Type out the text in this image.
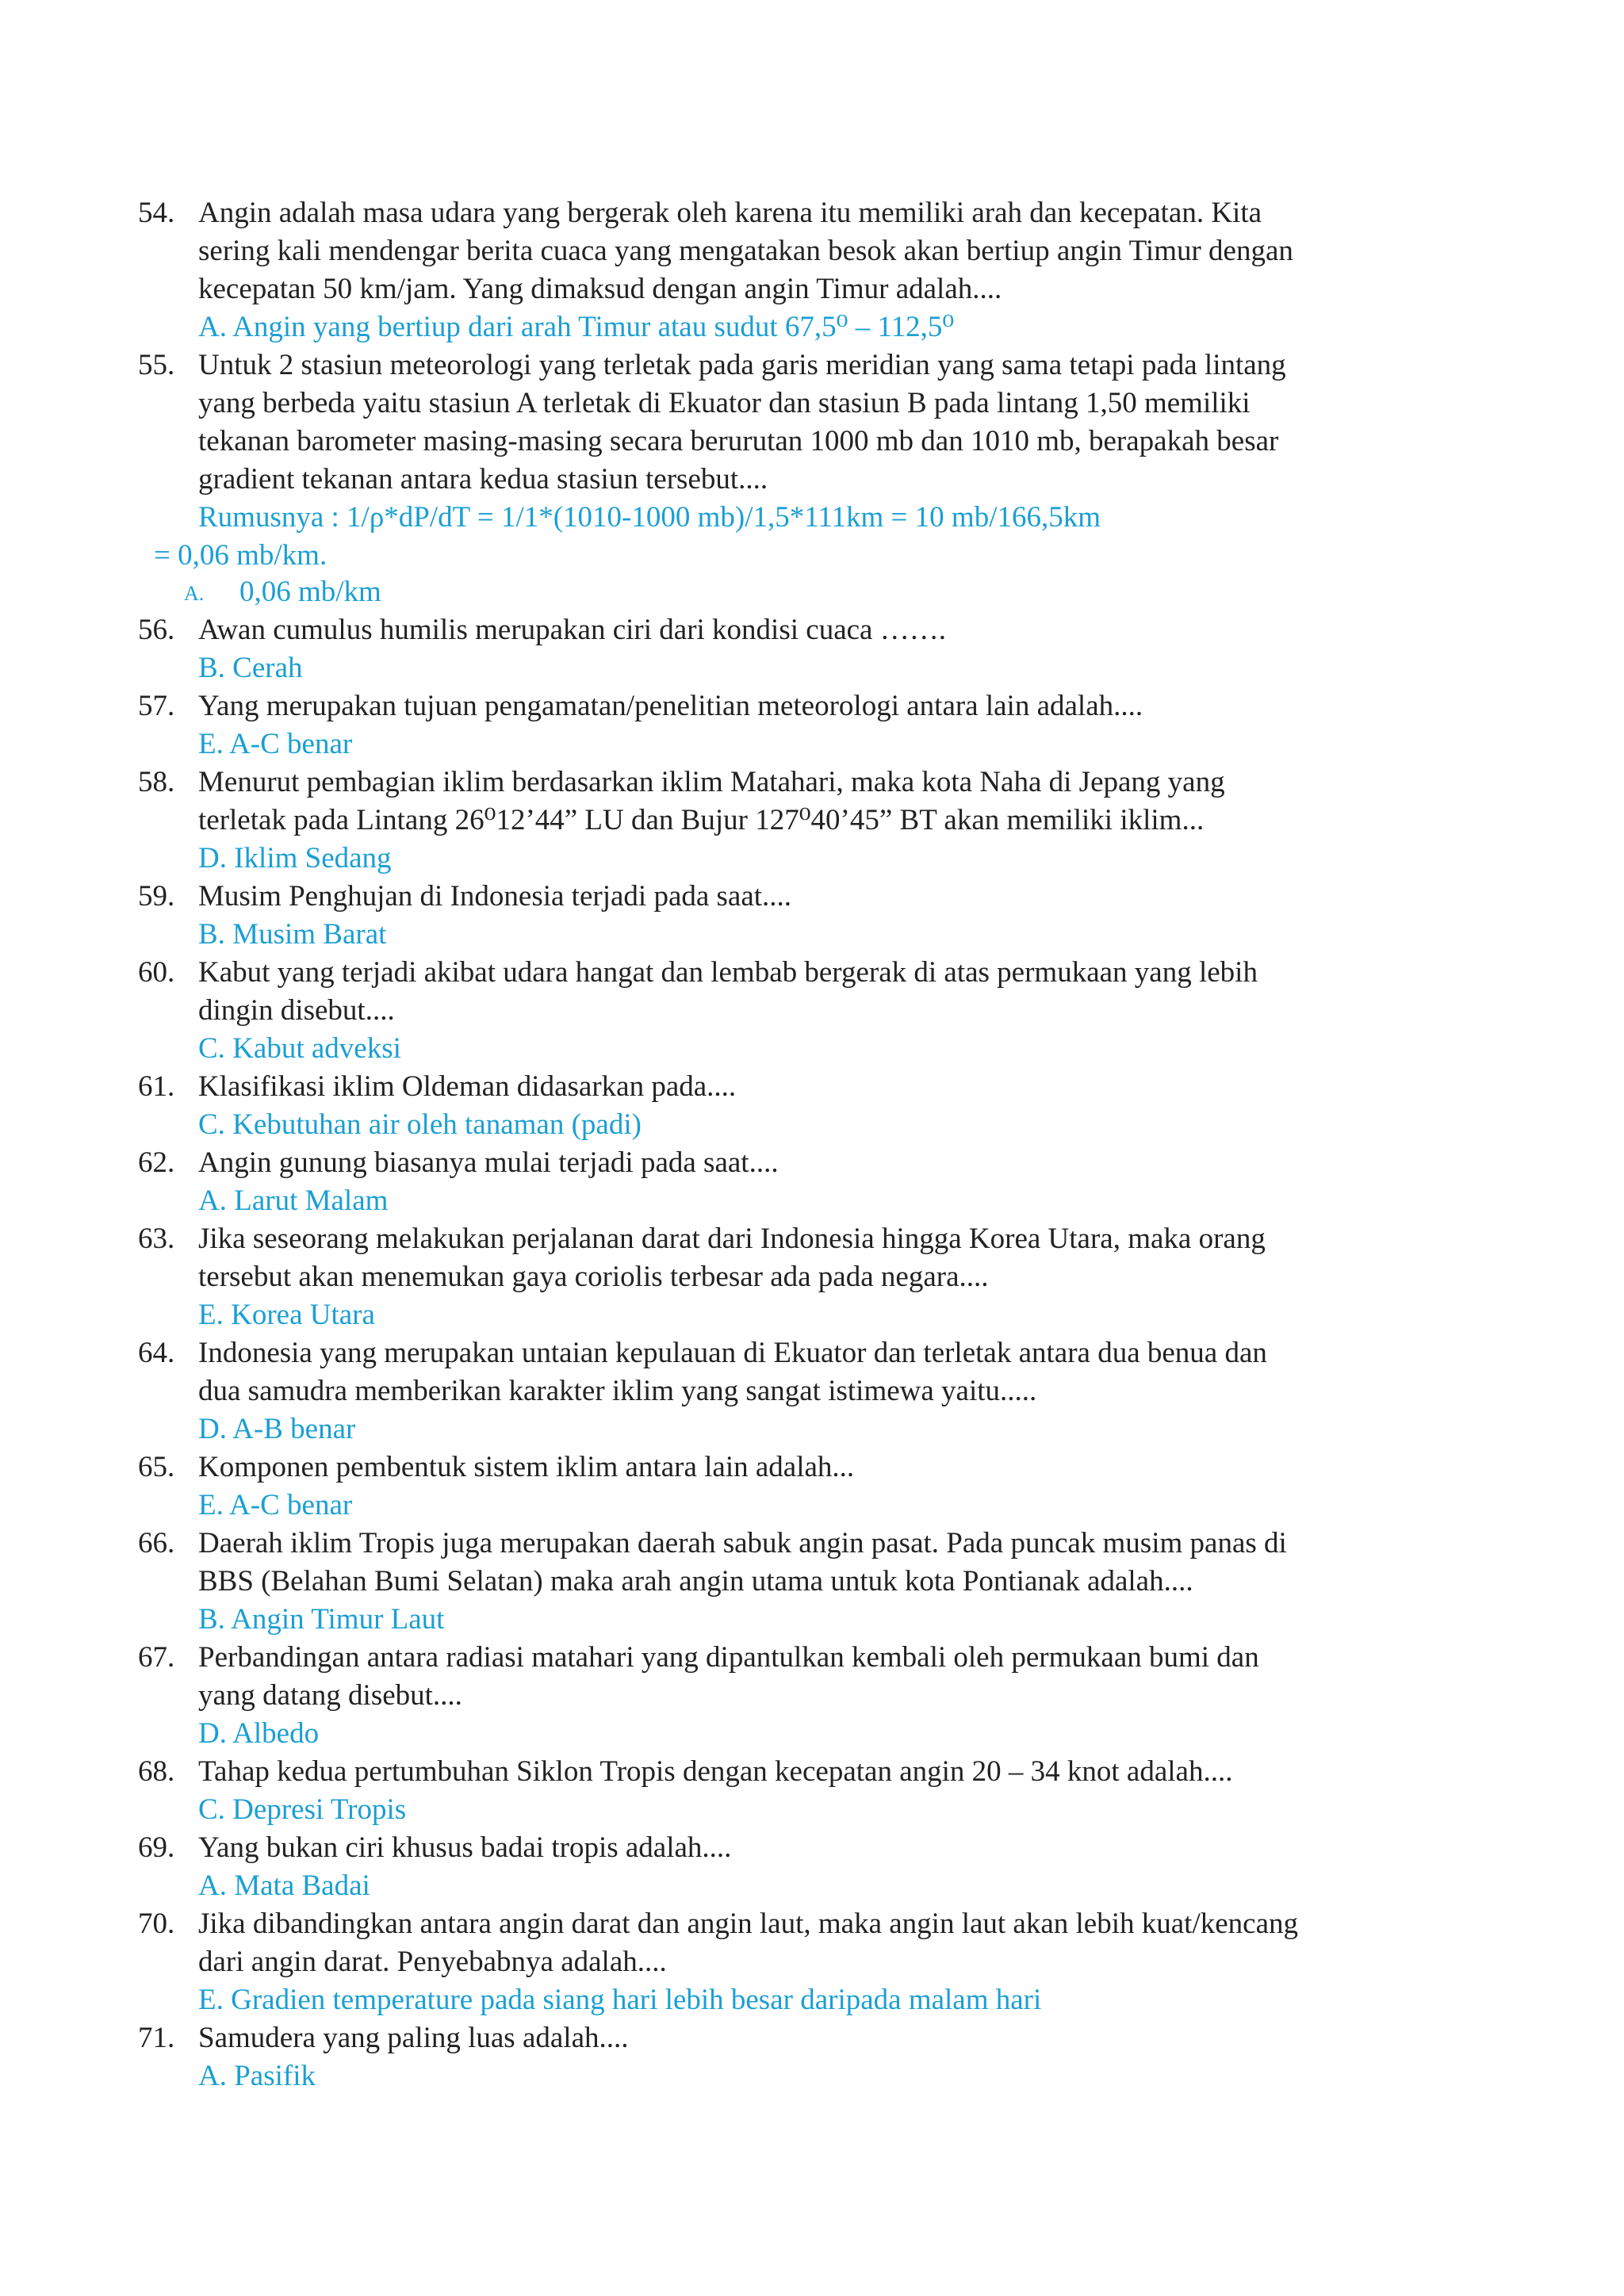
54. Angin adalah masa udara yang bergerak oleh karena itu memiliki arah dan kecepatan. Kita
sering kali mendengar berita cuaca yang mengatakan besok akan bertiup angin Timur dengan
kecepatan 50 km/jam. Yang dimaksud dengan angin Timur adalah....
A. Angin yang bertiup dari arah Timur atau sudut 67,5⁰ – 112,5⁰
55. Untuk 2 stasiun meteorologi yang terletak pada garis meridian yang sama tetapi pada lintang
yang berbeda yaitu stasiun A terletak di Ekuator dan stasiun B pada lintang 1,50 memiliki
tekanan barometer masing-masing secara berurutan 1000 mb dan 1010 mb, berapakah besar
gradient tekanan antara kedua stasiun tersebut....
Rumusnya : 1/ρ*dP/dT = 1/1*(1010-1000 mb)/1,5*111km = 10 mb/166,5km
= 0,06 mb/km.
A. 0,06 mb/km
56. Awan cumulus humilis merupakan ciri dari kondisi cuaca …….
B. Cerah
57. Yang merupakan tujuan pengamatan/penelitian meteorologi antara lain adalah....
E. A-C benar
58. Menurut pembagian iklim berdasarkan iklim Matahari, maka kota Naha di Jepang yang
terletak pada Lintang 26⁰12’44” LU dan Bujur 127⁰40’45” BT akan memiliki iklim...
D. Iklim Sedang
59. Musim Penghujan di Indonesia terjadi pada saat....
B. Musim Barat
60. Kabut yang terjadi akibat udara hangat dan lembab bergerak di atas permukaan yang lebih
dingin disebut....
C. Kabut adveksi
61. Klasifikasi iklim Oldeman didasarkan pada....
C. Kebutuhan air oleh tanaman (padi)
62. Angin gunung biasanya mulai terjadi pada saat....
A. Larut Malam
63. Jika seseorang melakukan perjalanan darat dari Indonesia hingga Korea Utara, maka orang
tersebut akan menemukan gaya coriolis terbesar ada pada negara....
E. Korea Utara
64. Indonesia yang merupakan untaian kepulauan di Ekuator dan terletak antara dua benua dan
dua samudra memberikan karakter iklim yang sangat istimewa yaitu.....
D. A-B benar
65. Komponen pembentuk sistem iklim antara lain adalah...
E. A-C benar
66. Daerah iklim Tropis juga merupakan daerah sabuk angin pasat. Pada puncak musim panas di
BBS (Belahan Bumi Selatan) maka arah angin utama untuk kota Pontianak adalah....
B. Angin Timur Laut
67. Perbandingan antara radiasi matahari yang dipantulkan kembali oleh permukaan bumi dan
yang datang disebut....
D. Albedo
68. Tahap kedua pertumbuhan Siklon Tropis dengan kecepatan angin 20 – 34 knot adalah....
C. Depresi Tropis
69. Yang bukan ciri khusus badai tropis adalah....
A. Mata Badai
70. Jika dibandingkan antara angin darat dan angin laut, maka angin laut akan lebih kuat/kencang
dari angin darat. Penyebabnya adalah....
E. Gradien temperature pada siang hari lebih besar daripada malam hari
71. Samudera yang paling luas adalah....
A. Pasifik
